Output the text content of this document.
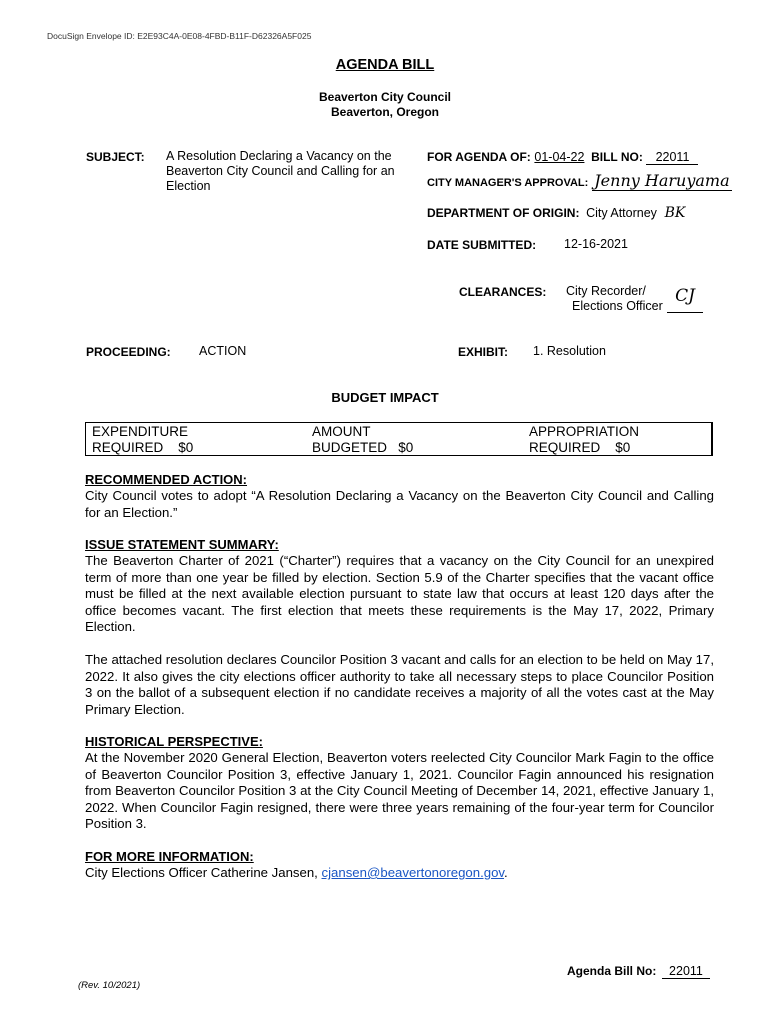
DocuSign Envelope ID: E2E93C4A-0E08-4FBD-B11F-D62326A5F025
AGENDA BILL
Beaverton City Council
Beaverton, Oregon
SUBJECT: A Resolution Declaring a Vacancy on the
Beaverton City Council and Calling for an
Election
FOR AGENDA OF: 01-04-22 BILL NO: 22011
CITY MANAGER'S APPROVAL: Jenny Haruyama
DEPARTMENT OF ORIGIN: City Attorney BK
DATE SUBMITTED: 12-16-2021
CLEARANCES: City Recorder/
Elections Officer CJ
PROCEEDING: ACTION	EXHIBIT: 1. Resolution
BUDGET IMPACT
EXPENDITURE
REQUIRED    $0
AMOUNT
BUDGETED   $0
APPROPRIATION
REQUIRED    $0
RECOMMENDED ACTION:
City Council votes to adopt “A Resolution Declaring a Vacancy on the Beaverton City Council and Calling for an Election.”
ISSUE STATEMENT SUMMARY:
The Beaverton Charter of 2021 (“Charter”) requires that a vacancy on the City Council for an unexpired term of more than one year be filled by election. Section 5.9 of the Charter specifies that the vacant office must be filled at the next available election pursuant to state law that occurs at least 120 days after the office becomes vacant. The first election that meets these requirements is the May 17, 2022, Primary Election.
The attached resolution declares Councilor Position 3 vacant and calls for an election to be held on May 17, 2022. It also gives the city elections officer authority to take all necessary steps to place Councilor Position 3 on the ballot of a subsequent election if no candidate receives a majority of all the votes cast at the May Primary Election.
HISTORICAL PERSPECTIVE:
At the November 2020 General Election, Beaverton voters reelected City Councilor Mark Fagin to the office of Beaverton Councilor Position 3, effective January 1, 2021. Councilor Fagin announced his resignation from Beaverton Councilor Position 3 at the City Council Meeting of December 14, 2021, effective January 1, 2022. When Councilor Fagin resigned, there were three years remaining of the four-year term for Councilor Position 3.
FOR MORE INFORMATION:
City Elections Officer Catherine Jansen, cjansen@beavertonoregon.gov.
Agenda Bill No: 22011
(Rev. 10/2021)
